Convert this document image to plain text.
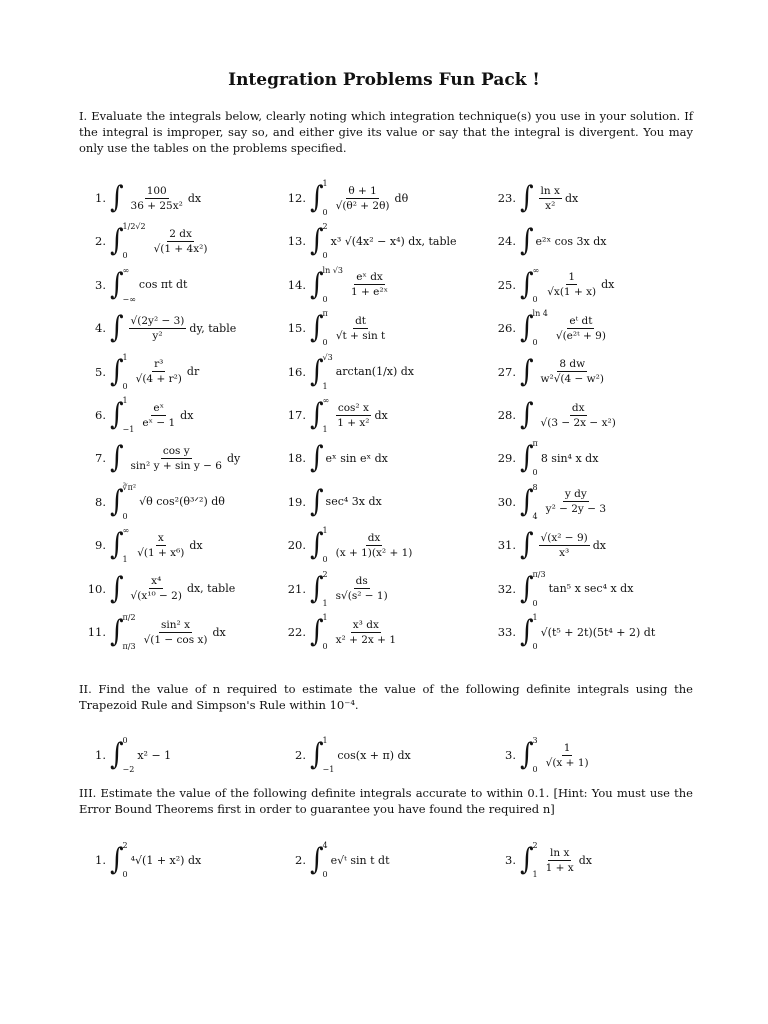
Integration Problems Fun Pack !

I. Evaluate the integrals below, clearly noting which integration technique(s) you use in your solution. If the integral is improper, say so, and either give its value or say that the integral is divergent. You may only use the tables on the problems specified.

1. ∫ $\frac{100}{\text{36 + 25x²}}$ dx
2. ∫ 1/2√2
0
$\frac{2 dx}{\text{√(1 + 4x²)}}$
3. ∫ ∞
−∞
cos πt dt
4. ∫ $\frac{\text{√(2y² − 3)}}{\text{y²}}$ dy, table
5. ∫ 1
0
$\frac{\text{r³}}{\text{√(4 + r²)}}$ dr
6. ∫ 1
−1
$\frac{\text{eˣ}}{\text{eˣ − 1}}$ dx
7. ∫ $\frac{\text{cos y}}{\text{sin² y + sin y − 6}}$ dy
8. ∫ ∛π²
0
√θ cos²(θ³ᐟ²) dθ
9. ∫ ∞
1
$\frac{x}{\text{√(1 + x⁶)}}$ dx
10. ∫ $\frac{\text{x⁴}}{\text{√(x¹⁰ − 2)}}$ dx, table
11. ∫ π/2
π/3
$\frac{\text{sin² x}}{\text{√(1 − cos x)}}$ dx
12. ∫ 1
0
$\frac{\theta + 1}{\text{√(θ² + 2θ)}}$ dθ
13. ∫ 2
0
x³ √(4x² − x⁴) dx, table
14. ∫ ln √3
0
$\frac{\text{eˣ dx}}{\text{1 + e²ˣ}}$
15. ∫ π
0
$\frac{dt}{\text{√t + sin t}}$
16. ∫ √3
1
arctan(1/x) dx
17. ∫ ∞
1
$\frac{\text{cos² x}}{\text{1 + x²}}$ dx
18. ∫ eˣ sin eˣ dx
19. ∫ sec⁴ 3x dx
20. ∫ 1
0
$\frac{dx}{\text{(x + 1)(x² + 1)}}$
21. ∫ 2
1
$\frac{ds}{\text{s√(s² − 1)}}$
22. ∫ 1
0
$\frac{\text{x³ dx}}{\text{x² + 2x + 1}}$
23. ∫ $\frac{\text{ln x}}{\text{x²}}$ dx
24. ∫ e²ˣ cos 3x dx
25. ∫ ∞
0
$\frac{1}{√x(1 + x)}$ dx
26. ∫ ln 4
0
$\frac{\text{eᵗ dt}}{\text{√(e²ᵗ + 9)}}$
27. ∫ $\frac{8 dw}{\text{w²√(4 − w²)}}$
28. ∫ $\frac{dx}{\text{√(3 − 2x − x²)}}$
29. ∫ π
0
8 sin⁴ x dx
30. ∫ 8
4
$\frac{\text{y dy}}{\text{y² − 2y − 3}}$
31. ∫ $\frac{\text{√(x² − 9)}}{\text{x³}}$ dx
32. ∫ π/3
0
tan⁵ x sec⁴ x dx
33. ∫ 1
0
√(t⁵ + 2t)(5t⁴ + 2) dt
1. ∫ 0
−2
x² − 1	2. ∫ 1
−1
cos(x + π) dx	3. ∫ 3
0
$\frac{1}{√(x + 1)}$
1. ∫ 2
0
⁴√(1 + x²) dx	2. ∫ 4
0
e√ᵗ sin t dt	3. ∫ 2
1
$\frac{\text{ln x}}{1 + x}$ dx

II. Find the value of n required to estimate the value of the following definite integrals using the Trapezoid Rule and Simpson's Rule within 10⁻⁴.

III. Estimate the value of the following definite integrals accurate to within 0.1. [Hint: You must use the Error Bound Theorems first in order to guarantee you have found the required n]
